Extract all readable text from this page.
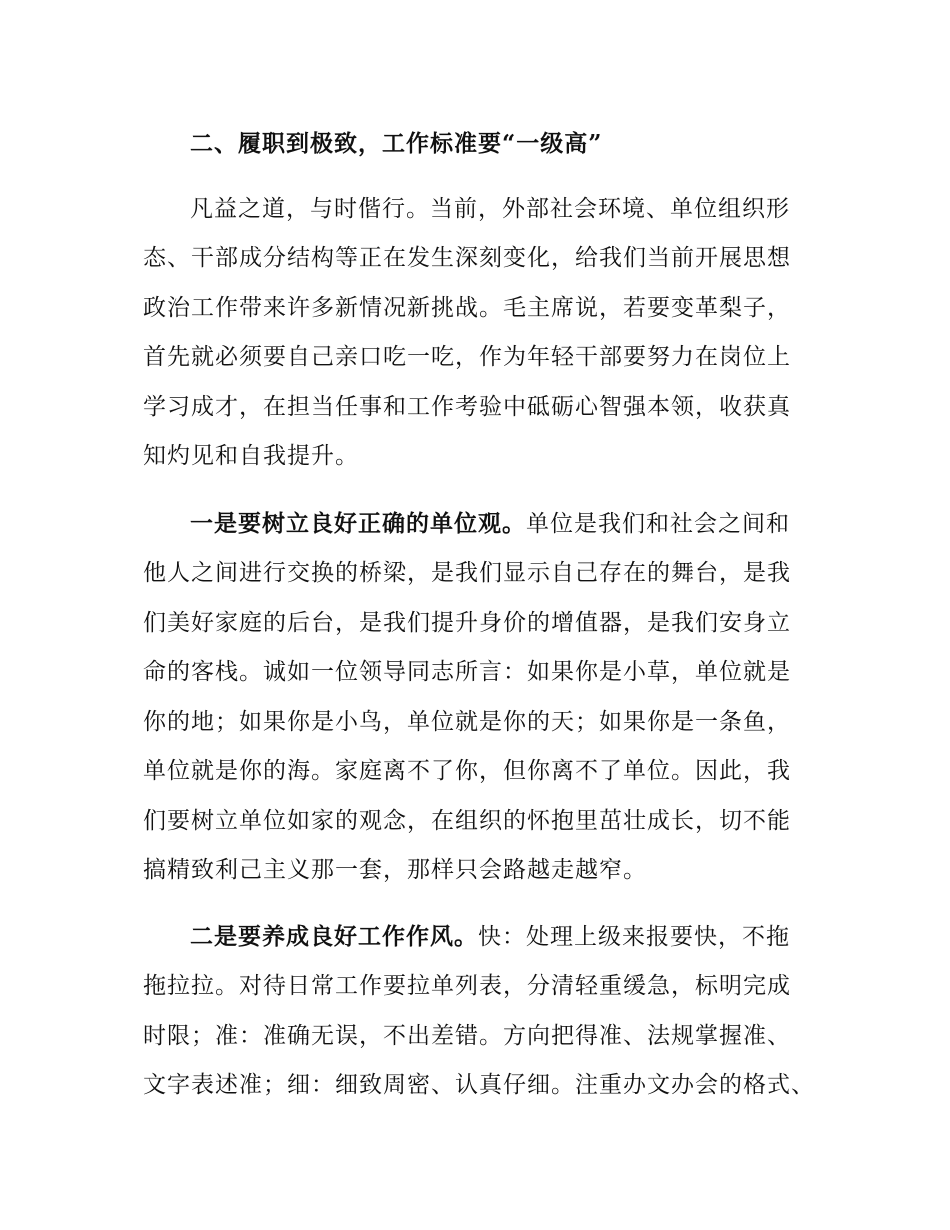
二、履职到极致，工作标准要“一级高”
凡益之道，与时偕行。当前，外部社会环境、单位组织形
态、干部成分结构等正在发生深刻变化，给我们当前开展思想
政治工作带来许多新情况新挑战。毛主席说，若要变革梨子，
首先就必须要自己亲口吃一吃，作为年轻干部要努力在岗位上
学习成才，在担当任事和工作考验中砥砺心智强本领，收获真
知灼见和自我提升。
一是要树立良好正确的单位观。单位是我们和社会之间和
他人之间进行交换的桥梁，是我们显示自己存在的舞台，是我
们美好家庭的后台，是我们提升身价的增值器，是我们安身立
命的客栈。诚如一位领导同志所言：如果你是小草，单位就是
你的地；如果你是小鸟，单位就是你的天；如果你是一条鱼，
单位就是你的海。家庭离不了你，但你离不了单位。因此，我
们要树立单位如家的观念，在组织的怀抱里茁壮成长，切不能
搞精致利己主义那一套，那样只会路越走越窄。
二是要养成良好工作作风。快：处理上级来报要快，不拖
拖拉拉。对待日常工作要拉单列表，分清轻重缓急，标明完成
时限；准：准确无误，不出差错。方向把得准、法规掌握准、
文字表述准；细：细致周密、认真仔细。注重办文办会的格式、
